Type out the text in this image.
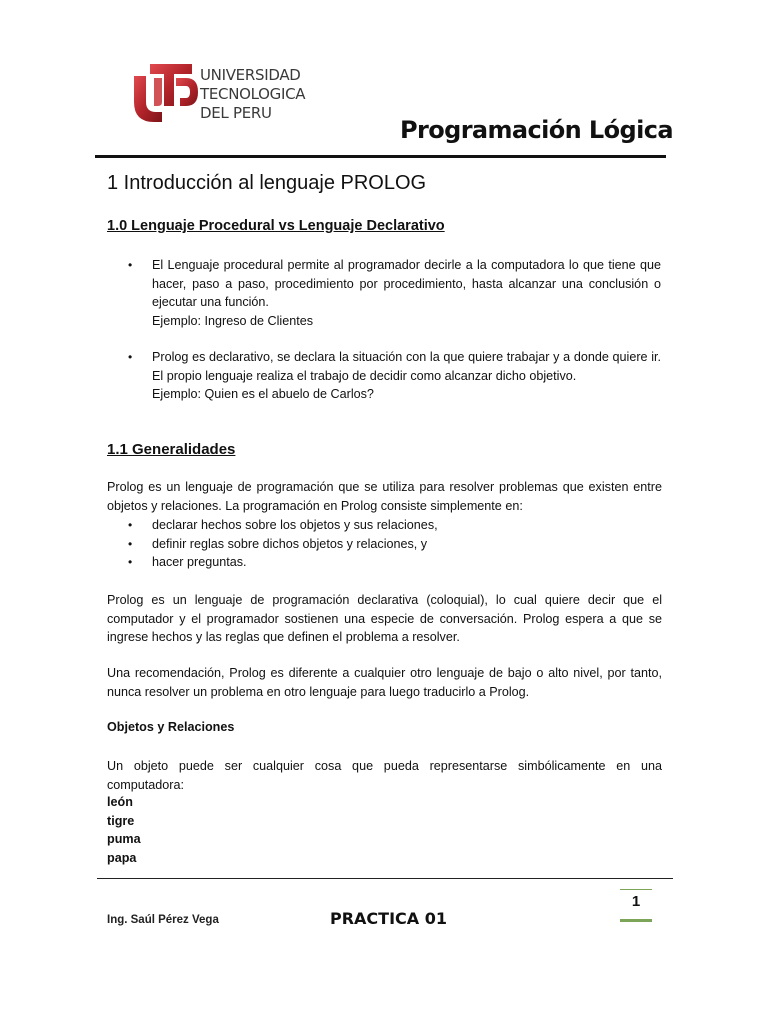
UNIVERSIDAD
TECNOLOGICA
DEL PERU
Programación Lógica
1 Introducción al lenguaje PROLOG
1.0 Lenguaje Procedural vs Lenguaje Declarativo
• El Lenguaje procedural permite al programador decirle a la computadora lo que tiene que hacer, paso a paso, procedimiento por procedimiento, hasta alcanzar una conclusión o ejecutar una función.
Ejemplo: Ingreso de Clientes
• Prolog es declarativo, se declara la situación con la que quiere trabajar y a donde quiere ir. El propio lenguaje realiza el trabajo de decidir como alcanzar dicho objetivo.
Ejemplo: Quien es el abuelo de Carlos?
1.1 Generalidades
Prolog es un lenguaje de programación que se utiliza para resolver problemas que existen entre objetos y relaciones. La programación en Prolog consiste simplemente en:
•	declarar hechos sobre los objetos y sus relaciones,
•	definir reglas sobre dichos objetos y relaciones, y
•	hacer preguntas.
Prolog es un lenguaje de programación declarativa (coloquial), lo cual quiere decir que el computador y el programador sostienen una especie de conversación. Prolog espera a que se ingrese hechos y las reglas que definen el problema a resolver.
Una recomendación, Prolog es diferente a cualquier otro lenguaje de bajo o alto nivel, por tanto, nunca resolver un problema en otro lenguaje para luego traducirlo a Prolog.
Objetos y Relaciones
Un objeto puede ser cualquier cosa que pueda representarse simbólicamente en una computadora:
león
tigre
puma
papa
Ing. Saúl Pérez Vega	PRACTICA 01
1
